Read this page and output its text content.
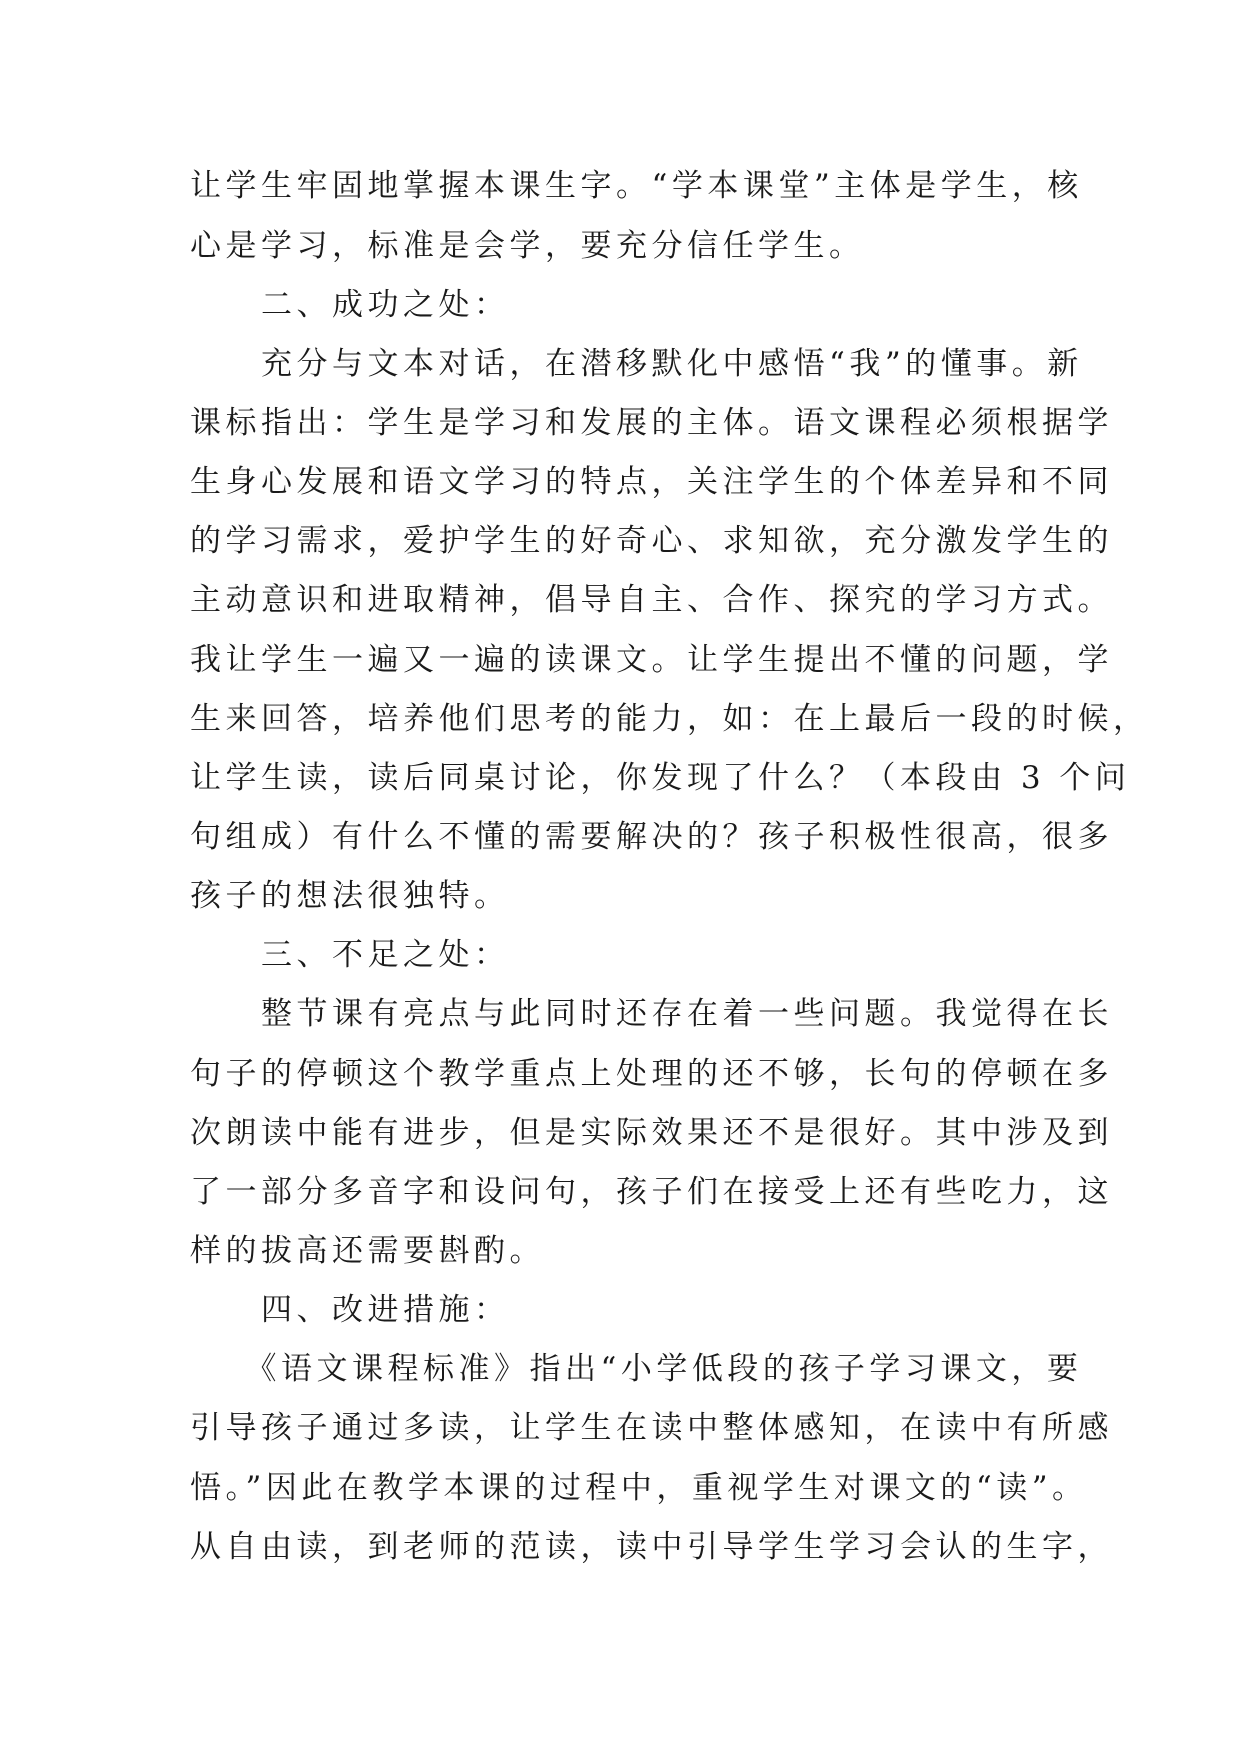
让学生牢固地掌握本课生字。“学本课堂”主体是学生，核
心是学习，标准是会学，要充分信任学生。
　　二、成功之处：
　　充分与文本对话，在潜移默化中感悟“我”的懂事。新
课标指出：学生是学习和发展的主体。语文课程必须根据学
生身心发展和语文学习的特点，关注学生的个体差异和不同
的学习需求，爱护学生的好奇心、求知欲，充分激发学生的
主动意识和进取精神，倡导自主、合作、探究的学习方式。
我让学生一遍又一遍的读课文。让学生提出不懂的问题，学
生来回答，培养他们思考的能力，如：在上最后一段的时候，
让学生读，读后同桌讨论，你发现了什么？（本段由 3 个问
句组成）有什么不懂的需要解决的？孩子积极性很高，很多
孩子的想法很独特。
　　三、不足之处：
　　整节课有亮点与此同时还存在着一些问题。我觉得在长
句子的停顿这个教学重点上处理的还不够，长句的停顿在多
次朗读中能有进步，但是实际效果还不是很好。其中涉及到
了一部分多音字和设问句，孩子们在接受上还有些吃力，这
样的拔高还需要斟酌。
　　四、改进措施：
　　《语文课程标准》指出“小学低段的孩子学习课文，要
引导孩子通过多读，让学生在读中整体感知，在读中有所感
悟。”因此在教学本课的过程中，重视学生对课文的“读”。
从自由读，到老师的范读，读中引导学生学习会认的生字，
